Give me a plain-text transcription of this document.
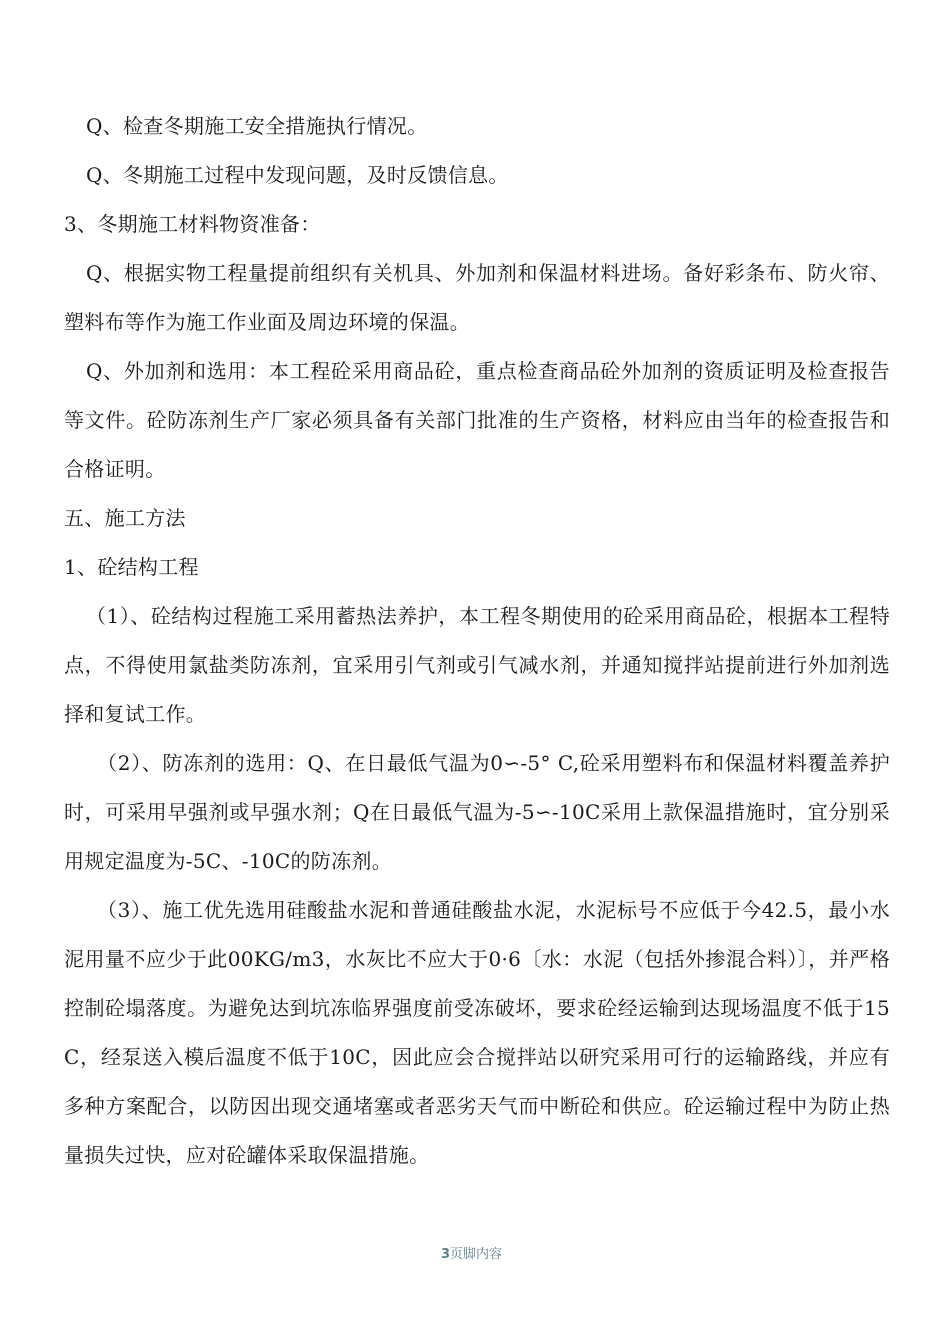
Q、检查冬期施工安全措施执行情况。

Q、冬期施工过程中发现问题，及时反馈信息。

3、冬期施工材料物资准备：

Q、根据实物工程量提前组织有关机具、外加剂和保温材料进场。备好彩条布、防火帘、塑料布等作为施工作业面及周边环境的保温。

Q、外加剂和选用：本工程砼采用商品砼，重点检查商品砼外加剂的资质证明及检查报告等文件。砼防冻剂生产厂家必须具备有关部门批准的生产资格，材料应由当年的检查报告和合格证明。

五、施工方法

1、砼结构工程

（1）、砼结构过程施工采用蓄热法养护，本工程冬期使用的砼采用商品砼，根据本工程特点，不得使用氯盐类防冻剂，宜采用引气剂或引气减水剂，并通知搅拌站提前进行外加剂选择和复试工作。

（2）、防冻剂的选用：Q、在日最低气温为0∽-5° C,砼采用塑料布和保温材料覆盖养护时，可采用早强剂或早强水剂；Q在日最低气温为-5∽-10C采用上款保温措施时，宜分别采用规定温度为-5C、-10C的防冻剂。

（3）、施工优先选用硅酸盐水泥和普通硅酸盐水泥，水泥标号不应低于今42.5，最小水泥用量不应少于此00KG/m3，水灰比不应大于0·6〔水：水泥（包括外掺混合料）〕，并严格控制砼塌落度。为避免达到坑冻临界强度前受冻破坏，要求砼经运输到达现场温度不低于15C，经泵送入模后温度不低于10C，因此应会合搅拌站以研究采用可行的运输路线，并应有多种方案配合，以防因出现交通堵塞或者恶劣天气而中断砼和供应。砼运输过程中为防止热量损失过快，应对砼罐体采取保温措施。

3页脚内容
